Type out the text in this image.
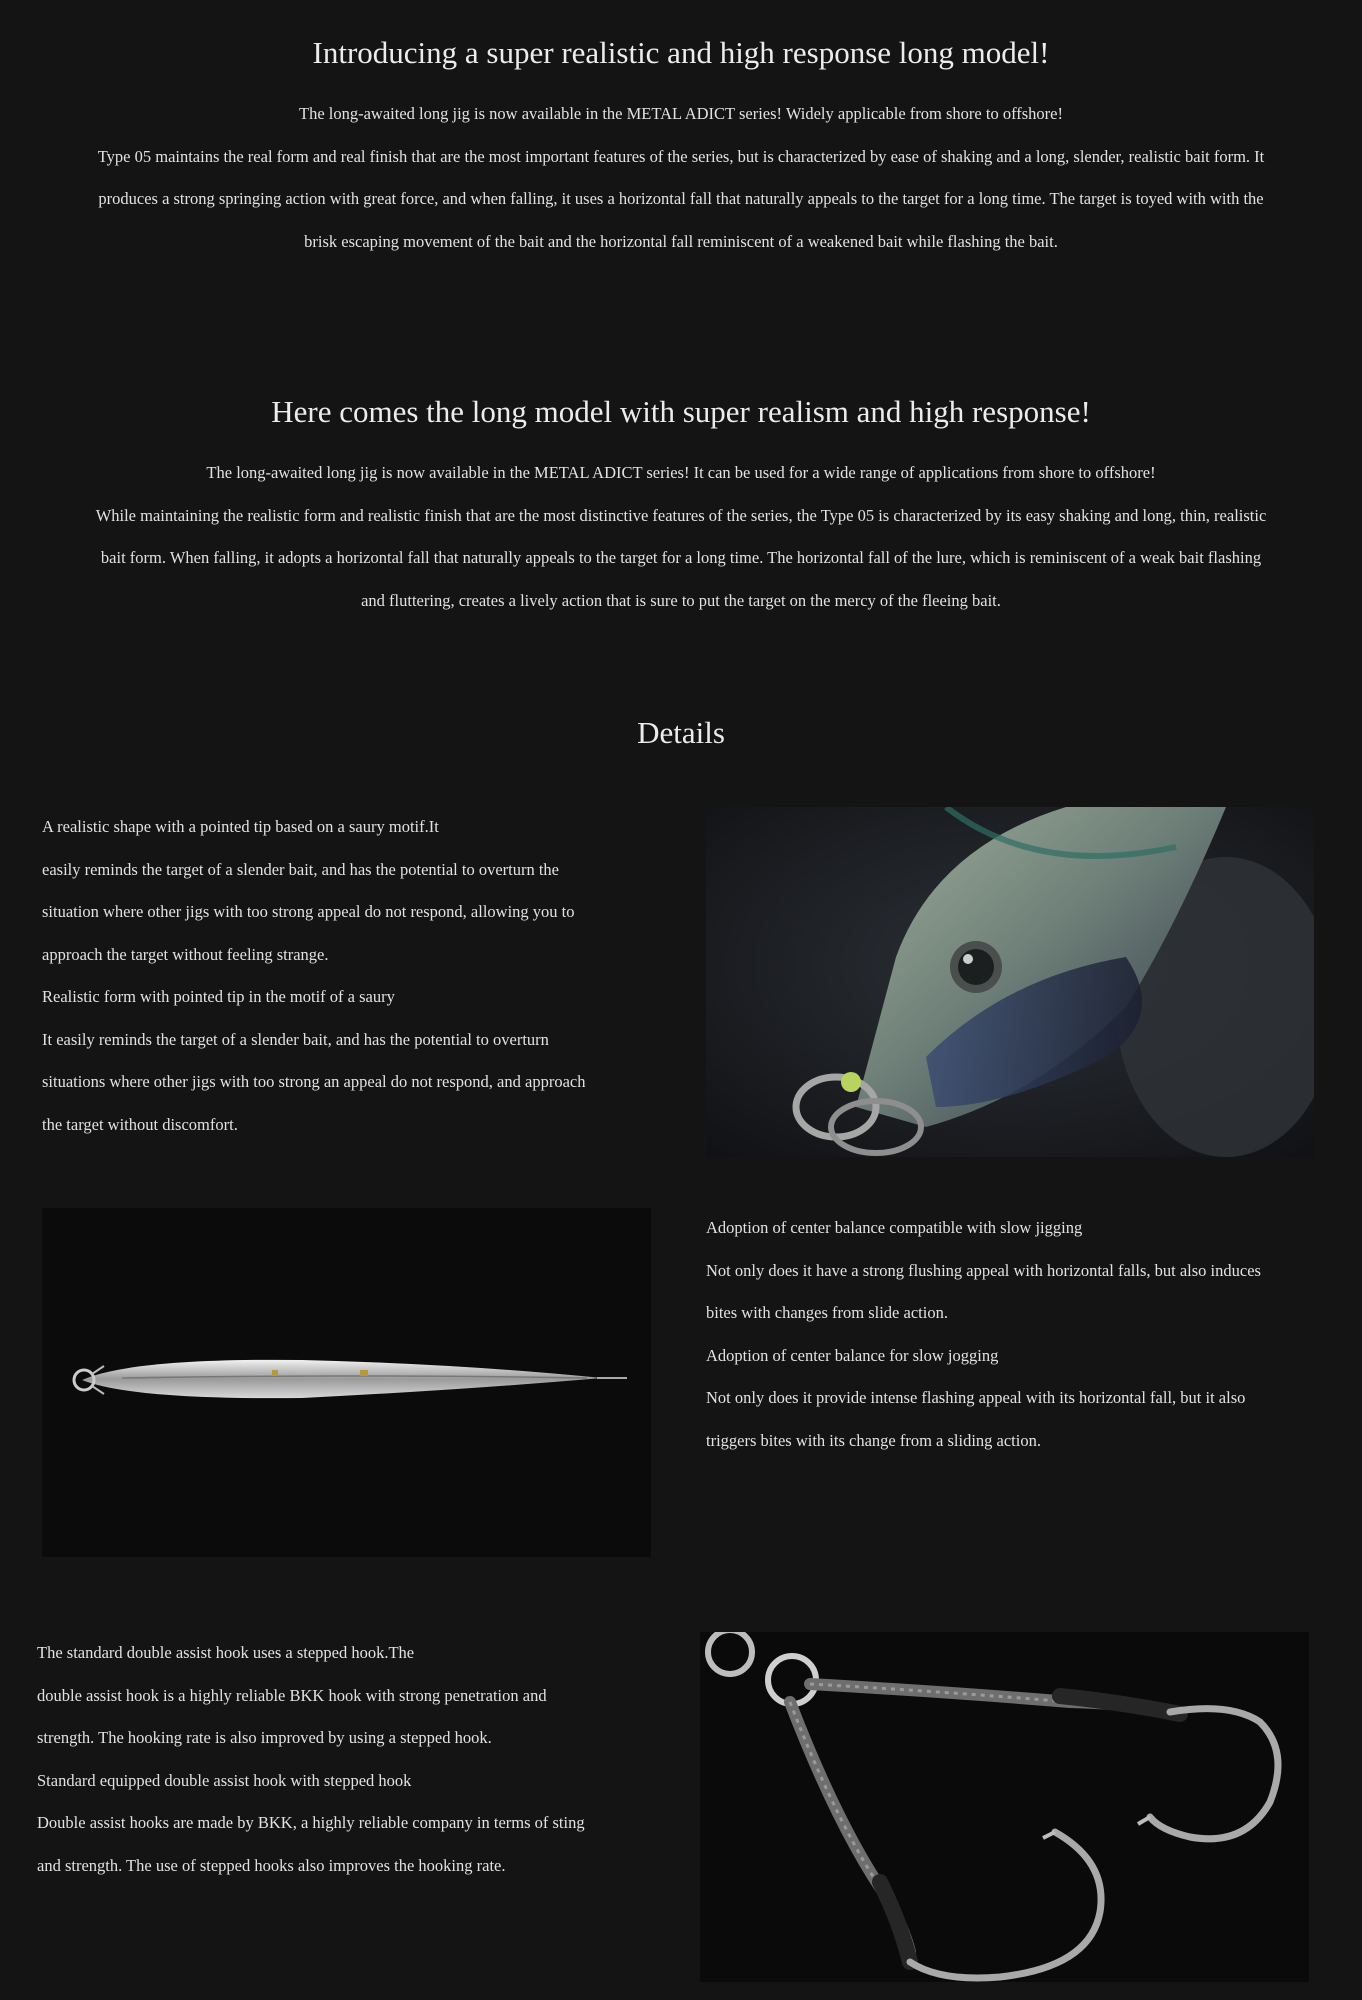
Introducing a super realistic and high response long model!
The long-awaited long jig is now available in the METAL ADICT series! Widely applicable from shore to offshore!
Type 05 maintains the real form and real finish that are the most important features of the series, but is characterized by ease of shaking and a long, slender, realistic bait form. It
produces a strong springing action with great force, and when falling, it uses a horizontal fall that naturally appeals to the target for a long time. The target is toyed with with the
brisk escaping movement of the bait and the horizontal fall reminiscent of a weakened bait while flashing the bait.
Here comes the long model with super realism and high response!
The long-awaited long jig is now available in the METAL ADICT series! It can be used for a wide range of applications from shore to offshore!
While maintaining the realistic form and realistic finish that are the most distinctive features of the series, the Type 05 is characterized by its easy shaking and long, thin, realistic
bait form. When falling, it adopts a horizontal fall that naturally appeals to the target for a long time. The horizontal fall of the lure, which is reminiscent of a weak bait flashing
and fluttering, creates a lively action that is sure to put the target on the mercy of the fleeing bait.
Details
A realistic shape with a pointed tip based on a saury motif.It
easily reminds the target of a slender bait, and has the potential to overturn the
situation where other jigs with too strong appeal do not respond, allowing you to
approach the target without feeling strange.
Realistic form with pointed tip in the motif of a saury
It easily reminds the target of a slender bait, and has the potential to overturn
situations where other jigs with too strong an appeal do not respond, and approach
the target without discomfort.
Adoption of center balance compatible with slow jigging
Not only does it have a strong flushing appeal with horizontal falls, but also induces
bites with changes from slide action.
Adoption of center balance for slow jogging
Not only does it provide intense flashing appeal with its horizontal fall, but it also
triggers bites with its change from a sliding action.
The standard double assist hook uses a stepped hook.The
double assist hook is a highly reliable BKK hook with strong penetration and
strength. The hooking rate is also improved by using a stepped hook.
Standard equipped double assist hook with stepped hook
Double assist hooks are made by BKK, a highly reliable company in terms of sting
and strength. The use of stepped hooks also improves the hooking rate.
